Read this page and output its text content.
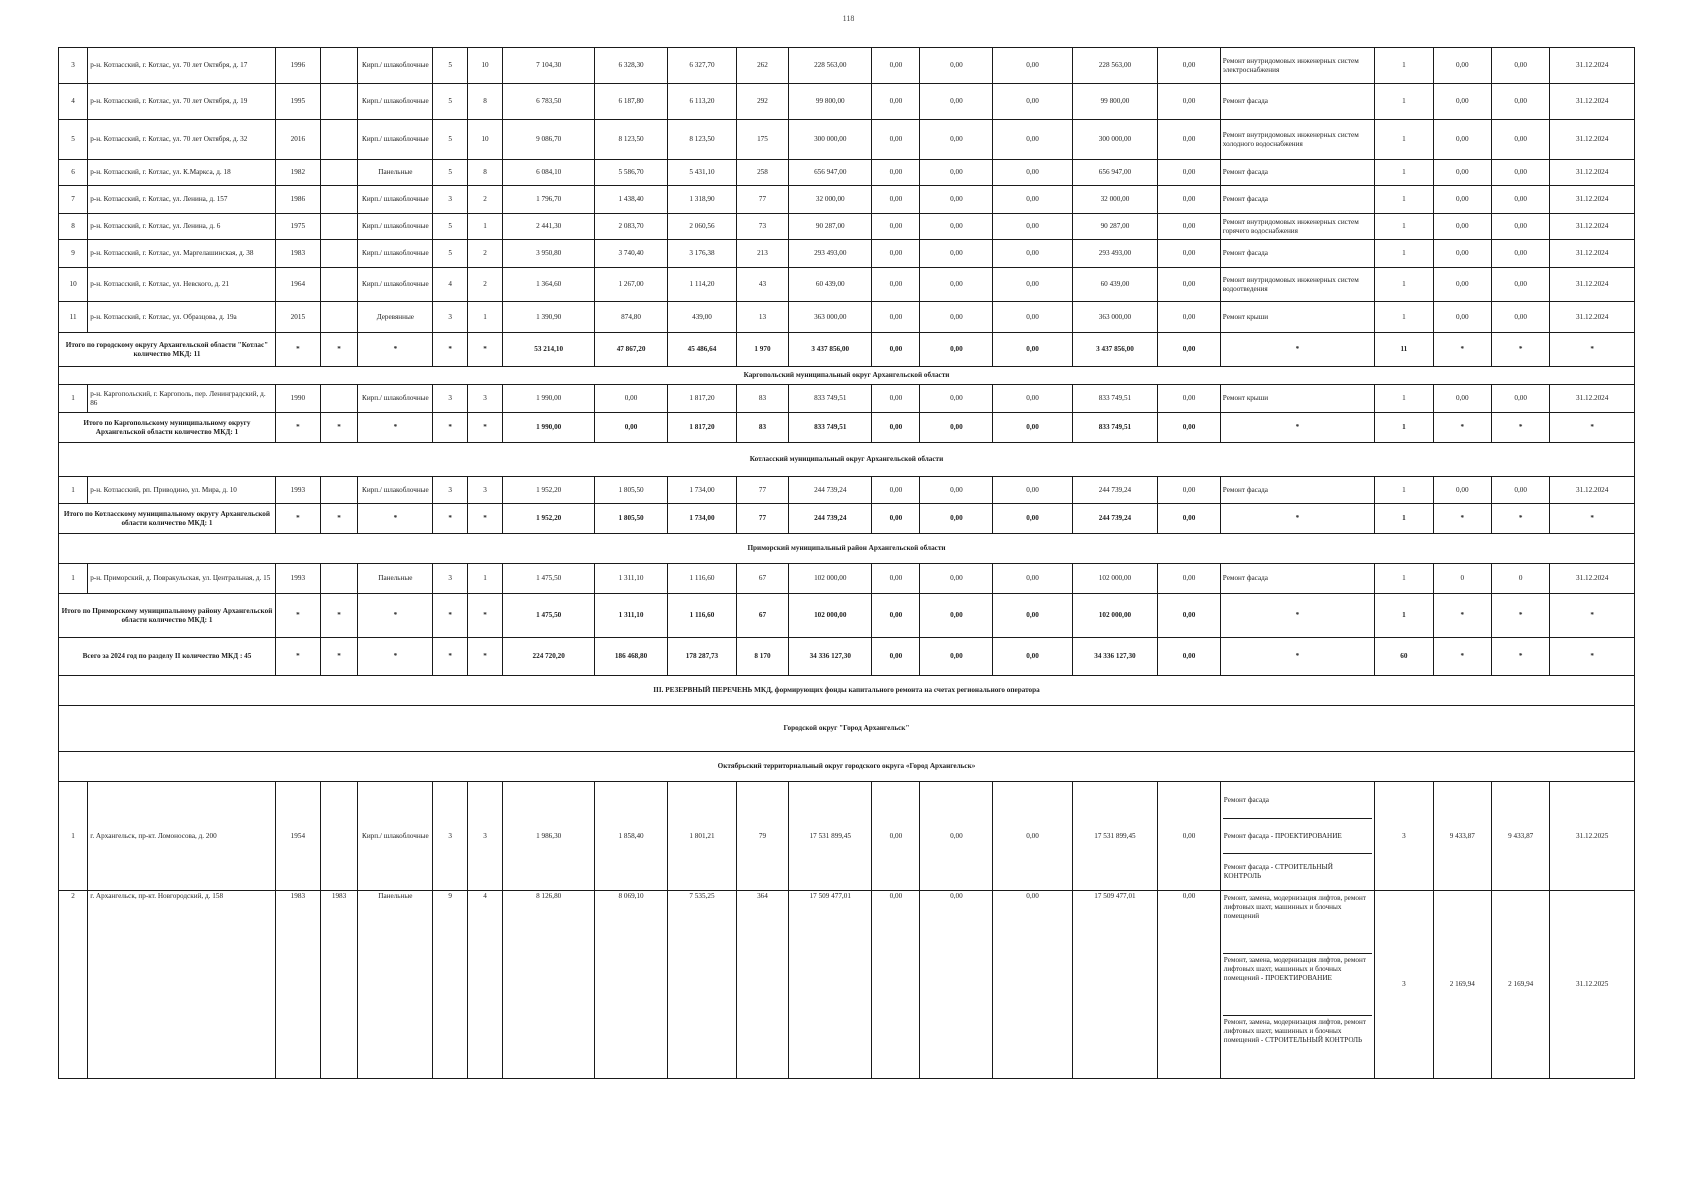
118
3	р-н. Котласский, г. Котлас, ул. 70 лет Октября, д. 17	1996		Кирп./ шлакоблочные	5	10	7 104,30	6 328,30	6 327,70	262	228 563,00	0,00	0,00	0,00	228 563,00	0,00	Ремонт внутридомовых инженерных систем электроснабжения	1	0,00	0,00	31.12.2024
4	р-н. Котласский, г. Котлас, ул. 70 лет Октября, д. 19	1995		Кирп./ шлакоблочные	5	8	6 783,50	6 187,80	6 113,20	292	99 800,00	0,00	0,00	0,00	99 800,00	0,00	Ремонт фасада	1	0,00	0,00	31.12.2024
5	р-н. Котласский, г. Котлас, ул. 70 лет Октября, д. 32	2016		Кирп./ шлакоблочные	5	10	9 086,70	8 123,50	8 123,50	175	300 000,00	0,00	0,00	0,00	300 000,00	0,00	Ремонт внутридомовых инженерных систем холодного водоснабжения	1	0,00	0,00	31.12.2024
6	р-н. Котласский, г. Котлас, ул. К.Маркса, д. 18	1982		Панельные	5	8	6 084,10	5 586,70	5 431,10	258	656 947,00	0,00	0,00	0,00	656 947,00	0,00	Ремонт фасада	1	0,00	0,00	31.12.2024
7	р-н. Котласский, г. Котлас, ул. Ленина, д. 157	1986		Кирп./ шлакоблочные	3	2	1 796,70	1 438,40	1 318,90	77	32 000,00	0,00	0,00	0,00	32 000,00	0,00	Ремонт фасада	1	0,00	0,00	31.12.2024
8	р-н. Котласский, г. Котлас, ул. Ленина, д. 6	1975		Кирп./ шлакоблочные	5	1	2 441,30	2 083,70	2 060,56	73	90 287,00	0,00	0,00	0,00	90 287,00	0,00	Ремонт внутридомовых инженерных систем горячего водоснабжения	1	0,00	0,00	31.12.2024
9	р-н. Котласский, г. Котлас, ул. Маргелашинская, д. 38	1983		Кирп./ шлакоблочные	5	2	3 950,80	3 740,40	3 176,38	213	293 493,00	0,00	0,00	0,00	293 493,00	0,00	Ремонт фасада	1	0,00	0,00	31.12.2024
10	р-н. Котласский, г. Котлас, ул. Невского, д. 21	1964		Кирп./ шлакоблочные	4	2	1 364,60	1 267,00	1 114,20	43	60 439,00	0,00	0,00	0,00	60 439,00	0,00	Ремонт внутридомовых инженерных систем водоотведения	1	0,00	0,00	31.12.2024
11	р-н. Котласский, г. Котлас, ул. Образцова, д. 19а	2015		Деревянные	3	1	1 390,90	874,80	439,00	13	363 000,00	0,00	0,00	0,00	363 000,00	0,00	Ремонт крыши	1	0,00	0,00	31.12.2024
Итого по городскому округу Архангельской области "Котлас" количество МКД: 11		*	*	*	*	*	53 214,10	47 867,20	45 486,64	1 970	3 437 856,00	0,00	0,00	0,00	3 437 856,00	0,00	*	11	*	*	*
Каргопольский муниципальный округ Архангельской области																					
1	р-н. Каргопольский, г. Каргополь, пер. Ленинградский, д. 86	1990		Кирп./ шлакоблочные	3	3	1 990,00	0,00	1 817,20	83	833 749,51	0,00	0,00	0,00	833 749,51	0,00	Ремонт крыши	1	0,00	0,00	31.12.2024
Итого по Каргопольскому муниципальному округу Архангельской области количество МКД: 1		*	*	*	*	*	1 990,00	0,00	1 817,20	83	833 749,51	0,00	0,00	0,00	833 749,51	0,00	*	1	*	*	*
Котласский муниципальный округ Архангельской области																					
1	р-н. Котласский, рп. Приводино, ул. Мира, д. 10	1993		Кирп./ шлакоблочные	3	3	1 952,20	1 805,50	1 734,00	77	244 739,24	0,00	0,00	0,00	244 739,24	0,00	Ремонт фасада	1	0,00	0,00	31.12.2024
Итого по Котласскому муниципальному округу Архангельской области количество МКД: 1		*	*	*	*	*	1 952,20	1 805,50	1 734,00	77	244 739,24	0,00	0,00	0,00	244 739,24	0,00	*	1	*	*	*
Приморский муниципальный район Архангельской области																					
1	р-н. Приморский, д. Повракульская, ул. Центральная, д. 15	1993		Панельные	3	1	1 475,50	1 311,10	1 116,60	67	102 000,00	0,00	0,00	0,00	102 000,00	0,00	Ремонт фасада	1	0	0	31.12.2024
Итого по Приморскому муниципальному району Архангельской области количество МКД: 1		*	*	*	*	*	1 475,50	1 311,10	1 116,60	67	102 000,00	0,00	0,00	0,00	102 000,00	0,00	*	1	*	*	*
Всего за 2024 год по разделу II количество МКД : 45		*	*	*	*	*	224 720,20	186 468,80	178 287,73	8 170	34 336 127,30	0,00	0,00	0,00	34 336 127,30	0,00	*	60	*	*	*
III. РЕЗЕРВНЫЙ ПЕРЕЧЕНЬ МКД, формирующих фонды капитального ремонта на счетах регионального оператора																					
Городской округ "Город Архангельск"																					
Октябрьский территориальный округ городского округа «Город Архангельск»																					
1	г. Архангельск, пр-кт. Ломоносова, д. 200	1954		Кирп./ шлакоблочные	3	3	1 986,30	1 858,40	1 801,21	79	17 531 899,45	0,00	0,00	0,00	17 531 899,45	0,00	Ремонт фасада
Ремонт фасада - ПРОЕКТИРОВАНИЕ
Ремонт фасада - СТРОИТЕЛЬНЫЙ КОНТРОЛЬ	3	9 433,87	9 433,87	31.12.2025
2	г. Архангельск, пр-кт. Новгородский, д. 158	1983	1983	Панельные	9	4	8 126,80	8 069,10	7 535,25	364	17 509 477,01	0,00	0,00	0,00	17 509 477,01	0,00	Ремонт, замена, модернизация лифтов, ремонт лифтовых шахт, машинных и блочных помещений
Ремонт, замена, модернизация лифтов, ремонт лифтовых шахт, машинных и блочных помещений - ПРОЕКТИРОВАНИЕ
Ремонт, замена, модернизация лифтов, ремонт лифтовых шахт, машинных и блочных помещений - СТРОИТЕЛЬНЫЙ КОНТРОЛЬ	3	2 169,94	2 169,94	31.12.2025
